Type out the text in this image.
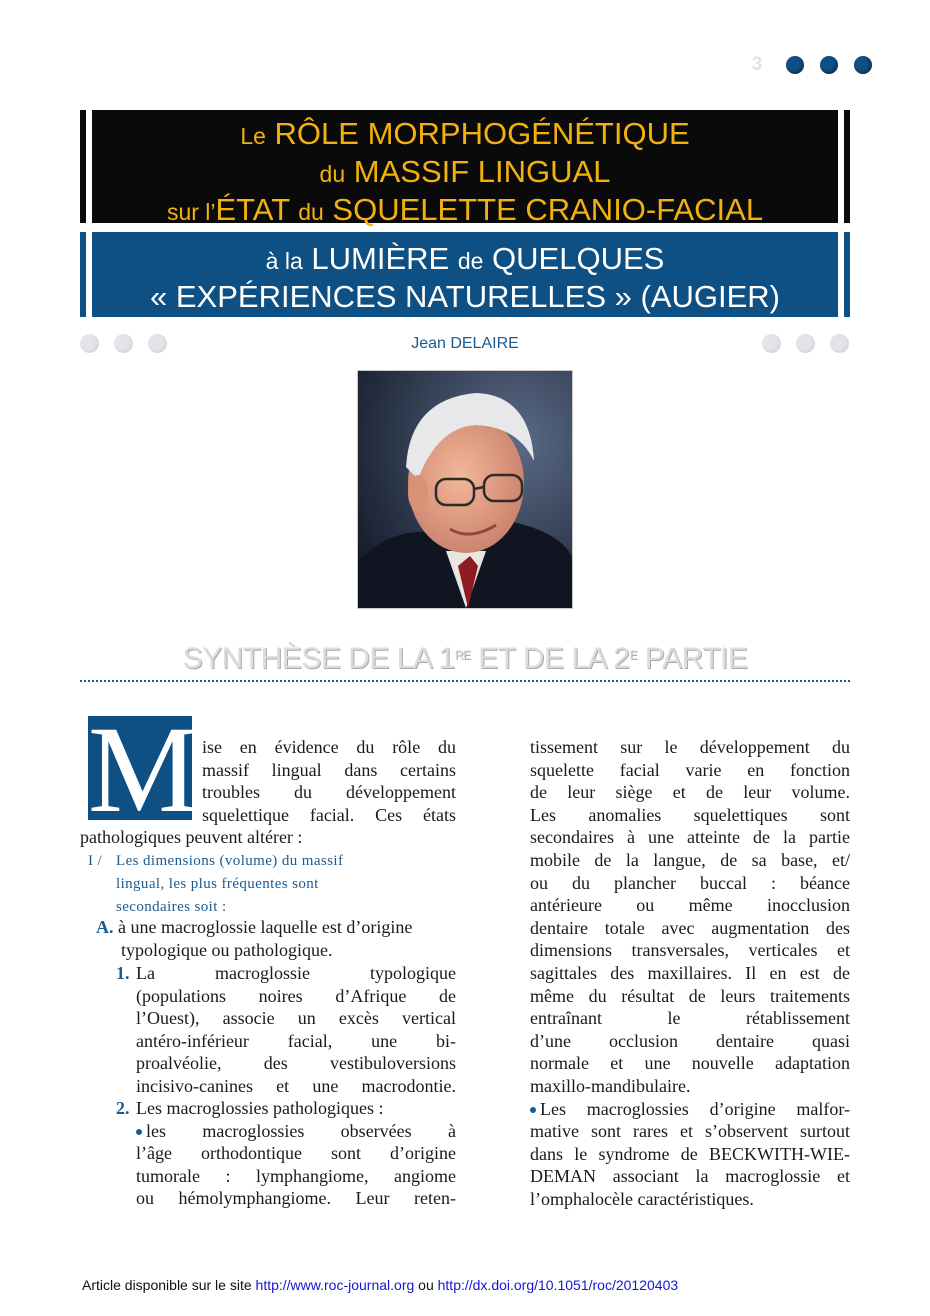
3
Le RÔLE MORPHOGÉNÉTIQUE
du MASSIF LINGUAL
sur l’ÉTAT du SQUELETTE CRANIO-FACIAL
à la LUMIÈRE de QUELQUES
« EXPÉRIENCES NATURELLES » (AUGIER)
Jean DELAIRE
SYNTHÈSE DE LA 1RE ET DE LA $2^E$ PARTIE
M ise en évidence du rôle du
massif lingual dans certains
troubles du développement
squelettique facial. Ces états
pathologiques peuvent altérer :
I / Les dimensions (volume) du massif
lingual, les plus fréquentes sont
secondaires soit :
A. à une macroglossie laquelle est d’origine
typologique ou pathologique.
1. La macroglossie typologique
(populations noires d’Afrique de
l’Ouest), associe un excès vertical
antéro-inférieur facial, une bi-
proalvéolie, des vestibuloversions
incisivo-canines et une macrodontie.
2. Les macroglossies pathologiques :
les macroglossies observées à
l’âge orthodontique sont d’origine
tumorale : lymphangiome, angiome
ou hémolymphangiome. Leur reten-
tissement sur le développement du
squelette facial varie en fonction
de leur siège et de leur volume.
Les anomalies squelettiques sont
secondaires à une atteinte de la partie
mobile de la langue, de sa base, et/
ou du plancher buccal : béance
antérieure ou même inocclusion
dentaire totale avec augmentation des
dimensions transversales, verticales et
sagittales des maxillaires. Il en est de
même du résultat de leurs traitements
entraînant le rétablissement
d’une occlusion dentaire quasi
normale et une nouvelle adaptation
maxillo-mandibulaire.
Les macroglossies d’origine malfor-
mative sont rares et s’observent surtout
dans le syndrome de BECKWITH-WIE-
DEMAN associant la macroglossie et
l’omphalocèle caractéristiques.
Article disponible sur le site http://www.roc-journal.org ou http://dx.doi.org/10.1051/roc/20120403
